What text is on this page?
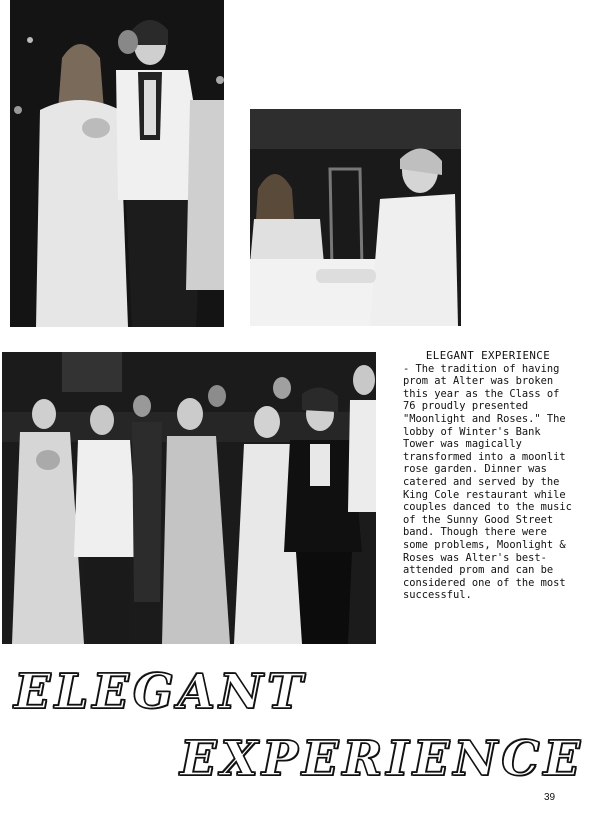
ELEGANT EXPERIENCE
- The tradition of having prom at Alter was broken this year as the Class of 76 proudly presented "Moonlight and Roses." The lobby of Winter's Bank Tower was magically transformed into a moonlit rose garden. Dinner was catered and served by the King Cole restaurant while couples danced to the music of the Sunny Good Street band. Though there were some problems, Moonlight & Roses was Alter's best-attended prom and can be considered one of the most successful.

ELEGANT
EXPERIENCE
39
